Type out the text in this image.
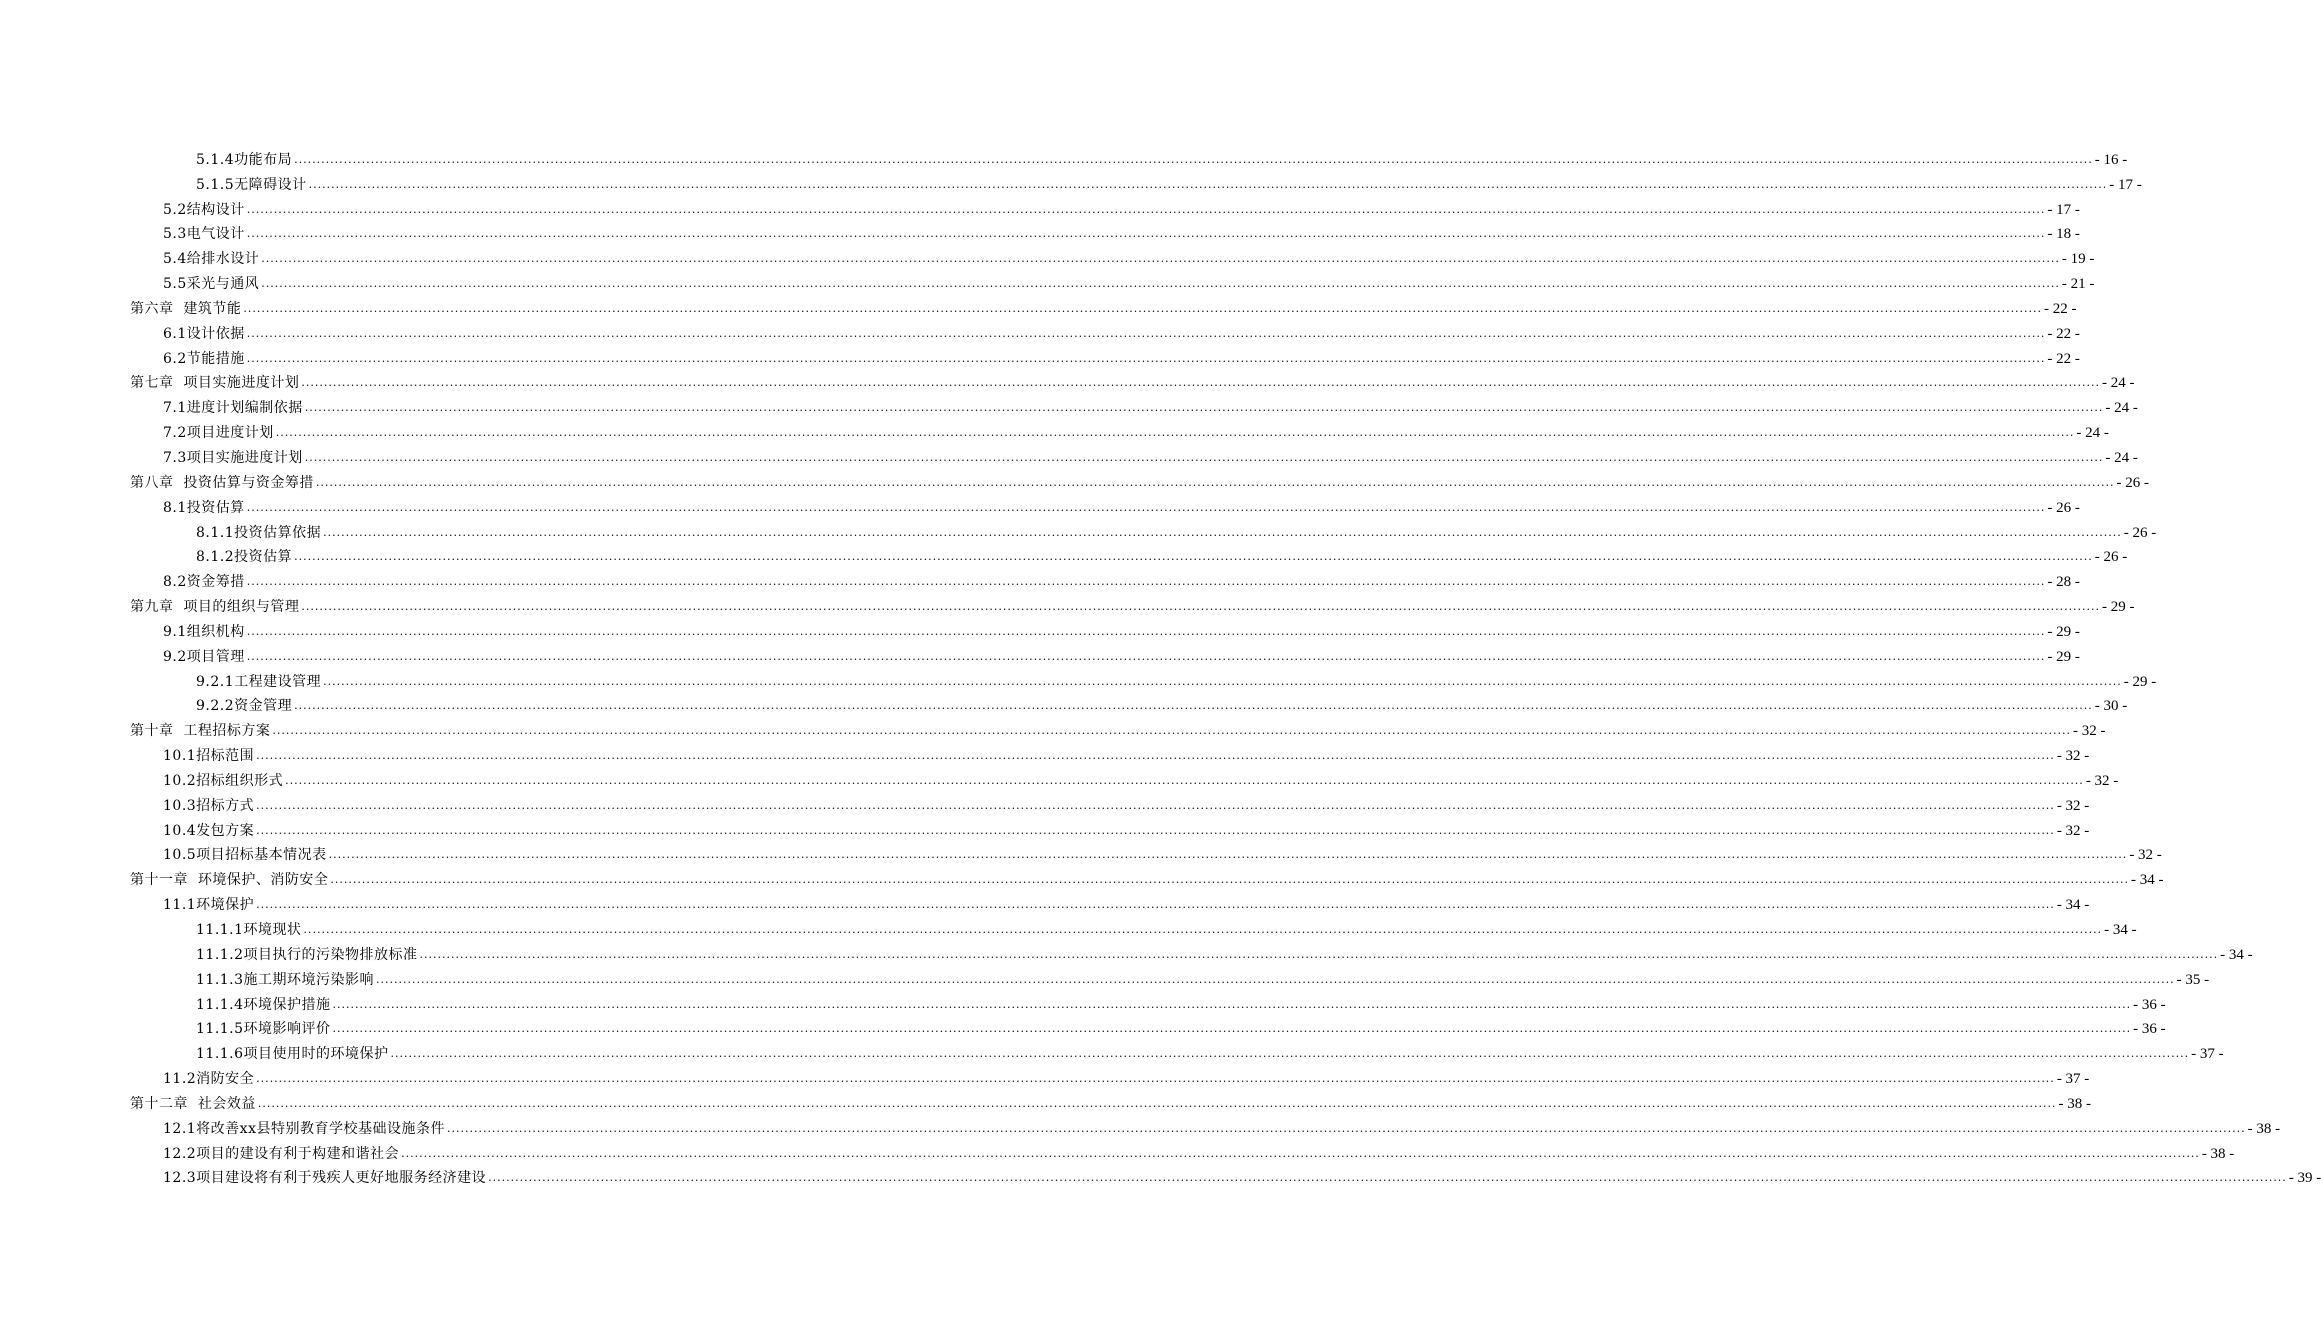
5.1.4功能布局 ................................................................................................................................................................................................................................................................................................................................................................................................................ - 16 -
5.1.5无障碍设计 ................................................................................................................................................................................................................................................................................................................................................................................................................ - 17 -
5.2结构设计 ................................................................................................................................................................................................................................................................................................................................................................................................................ - 17 -
5.3电气设计 ................................................................................................................................................................................................................................................................................................................................................................................................................ - 18 -
5.4给排水设计 ................................................................................................................................................................................................................................................................................................................................................................................................................ - 19 -
5.5采光与通风 ................................................................................................................................................................................................................................................................................................................................................................................................................ - 21 -
第六章  建筑节能 ................................................................................................................................................................................................................................................................................................................................................................................................................ - 22 -
6.1设计依据 ................................................................................................................................................................................................................................................................................................................................................................................................................ - 22 -
6.2节能措施 ................................................................................................................................................................................................................................................................................................................................................................................................................ - 22 -
第七章  项目实施进度计划 ................................................................................................................................................................................................................................................................................................................................................................................................................ - 24 -
7.1进度计划编制依据 ................................................................................................................................................................................................................................................................................................................................................................................................................ - 24 -
7.2项目进度计划 ................................................................................................................................................................................................................................................................................................................................................................................................................ - 24 -
7.3项目实施进度计划 ................................................................................................................................................................................................................................................................................................................................................................................................................ - 24 -
第八章  投资估算与资金筹措 ................................................................................................................................................................................................................................................................................................................................................................................................................ - 26 -
8.1投资估算 ................................................................................................................................................................................................................................................................................................................................................................................................................ - 26 -
8.1.1投资估算依据 ................................................................................................................................................................................................................................................................................................................................................................................................................ - 26 -
8.1.2投资估算 ................................................................................................................................................................................................................................................................................................................................................................................................................ - 26 -
8.2资金筹措 ................................................................................................................................................................................................................................................................................................................................................................................................................ - 28 -
第九章  项目的组织与管理 ................................................................................................................................................................................................................................................................................................................................................................................................................ - 29 -
9.1组织机构 ................................................................................................................................................................................................................................................................................................................................................................................................................ - 29 -
9.2项目管理 ................................................................................................................................................................................................................................................................................................................................................................................................................ - 29 -
9.2.1工程建设管理 ................................................................................................................................................................................................................................................................................................................................................................................................................ - 29 -
9.2.2资金管理 ................................................................................................................................................................................................................................................................................................................................................................................................................ - 30 -
第十章  工程招标方案 ................................................................................................................................................................................................................................................................................................................................................................................................................ - 32 -
10.1招标范围 ................................................................................................................................................................................................................................................................................................................................................................................................................ - 32 -
10.2招标组织形式 ................................................................................................................................................................................................................................................................................................................................................................................................................ - 32 -
10.3招标方式 ................................................................................................................................................................................................................................................................................................................................................................................................................ - 32 -
10.4发包方案 ................................................................................................................................................................................................................................................................................................................................................................................................................ - 32 -
10.5项目招标基本情况表 ................................................................................................................................................................................................................................................................................................................................................................................................................ - 32 -
第十一章  环境保护、消防安全 ................................................................................................................................................................................................................................................................................................................................................................................................................ - 34 -
11.1环境保护 ................................................................................................................................................................................................................................................................................................................................................................................................................ - 34 -
11.1.1环境现状 ................................................................................................................................................................................................................................................................................................................................................................................................................ - 34 -
11.1.2项目执行的污染物排放标准 ................................................................................................................................................................................................................................................................................................................................................................................................................ - 34 -
11.1.3施工期环境污染影响 ................................................................................................................................................................................................................................................................................................................................................................................................................ - 35 -
11.1.4环境保护措施 ................................................................................................................................................................................................................................................................................................................................................................................................................ - 36 -
11.1.5环境影响评价 ................................................................................................................................................................................................................................................................................................................................................................................................................ - 36 -
11.1.6项目使用时的环境保护 ................................................................................................................................................................................................................................................................................................................................................................................................................ - 37 -
11.2消防安全 ................................................................................................................................................................................................................................................................................................................................................................................................................ - 37 -
第十二章  社会效益 ................................................................................................................................................................................................................................................................................................................................................................................................................ - 38 -
12.1将改善xx县特别教育学校基础设施条件 ................................................................................................................................................................................................................................................................................................................................................................................................................ - 38 -
12.2项目的建设有利于构建和谐社会 ................................................................................................................................................................................................................................................................................................................................................................................................................ - 38 -
12.3项目建设将有利于残疾人更好地服务经济建设 ................................................................................................................................................................................................................................................................................................................................................................................................................ - 39 -
